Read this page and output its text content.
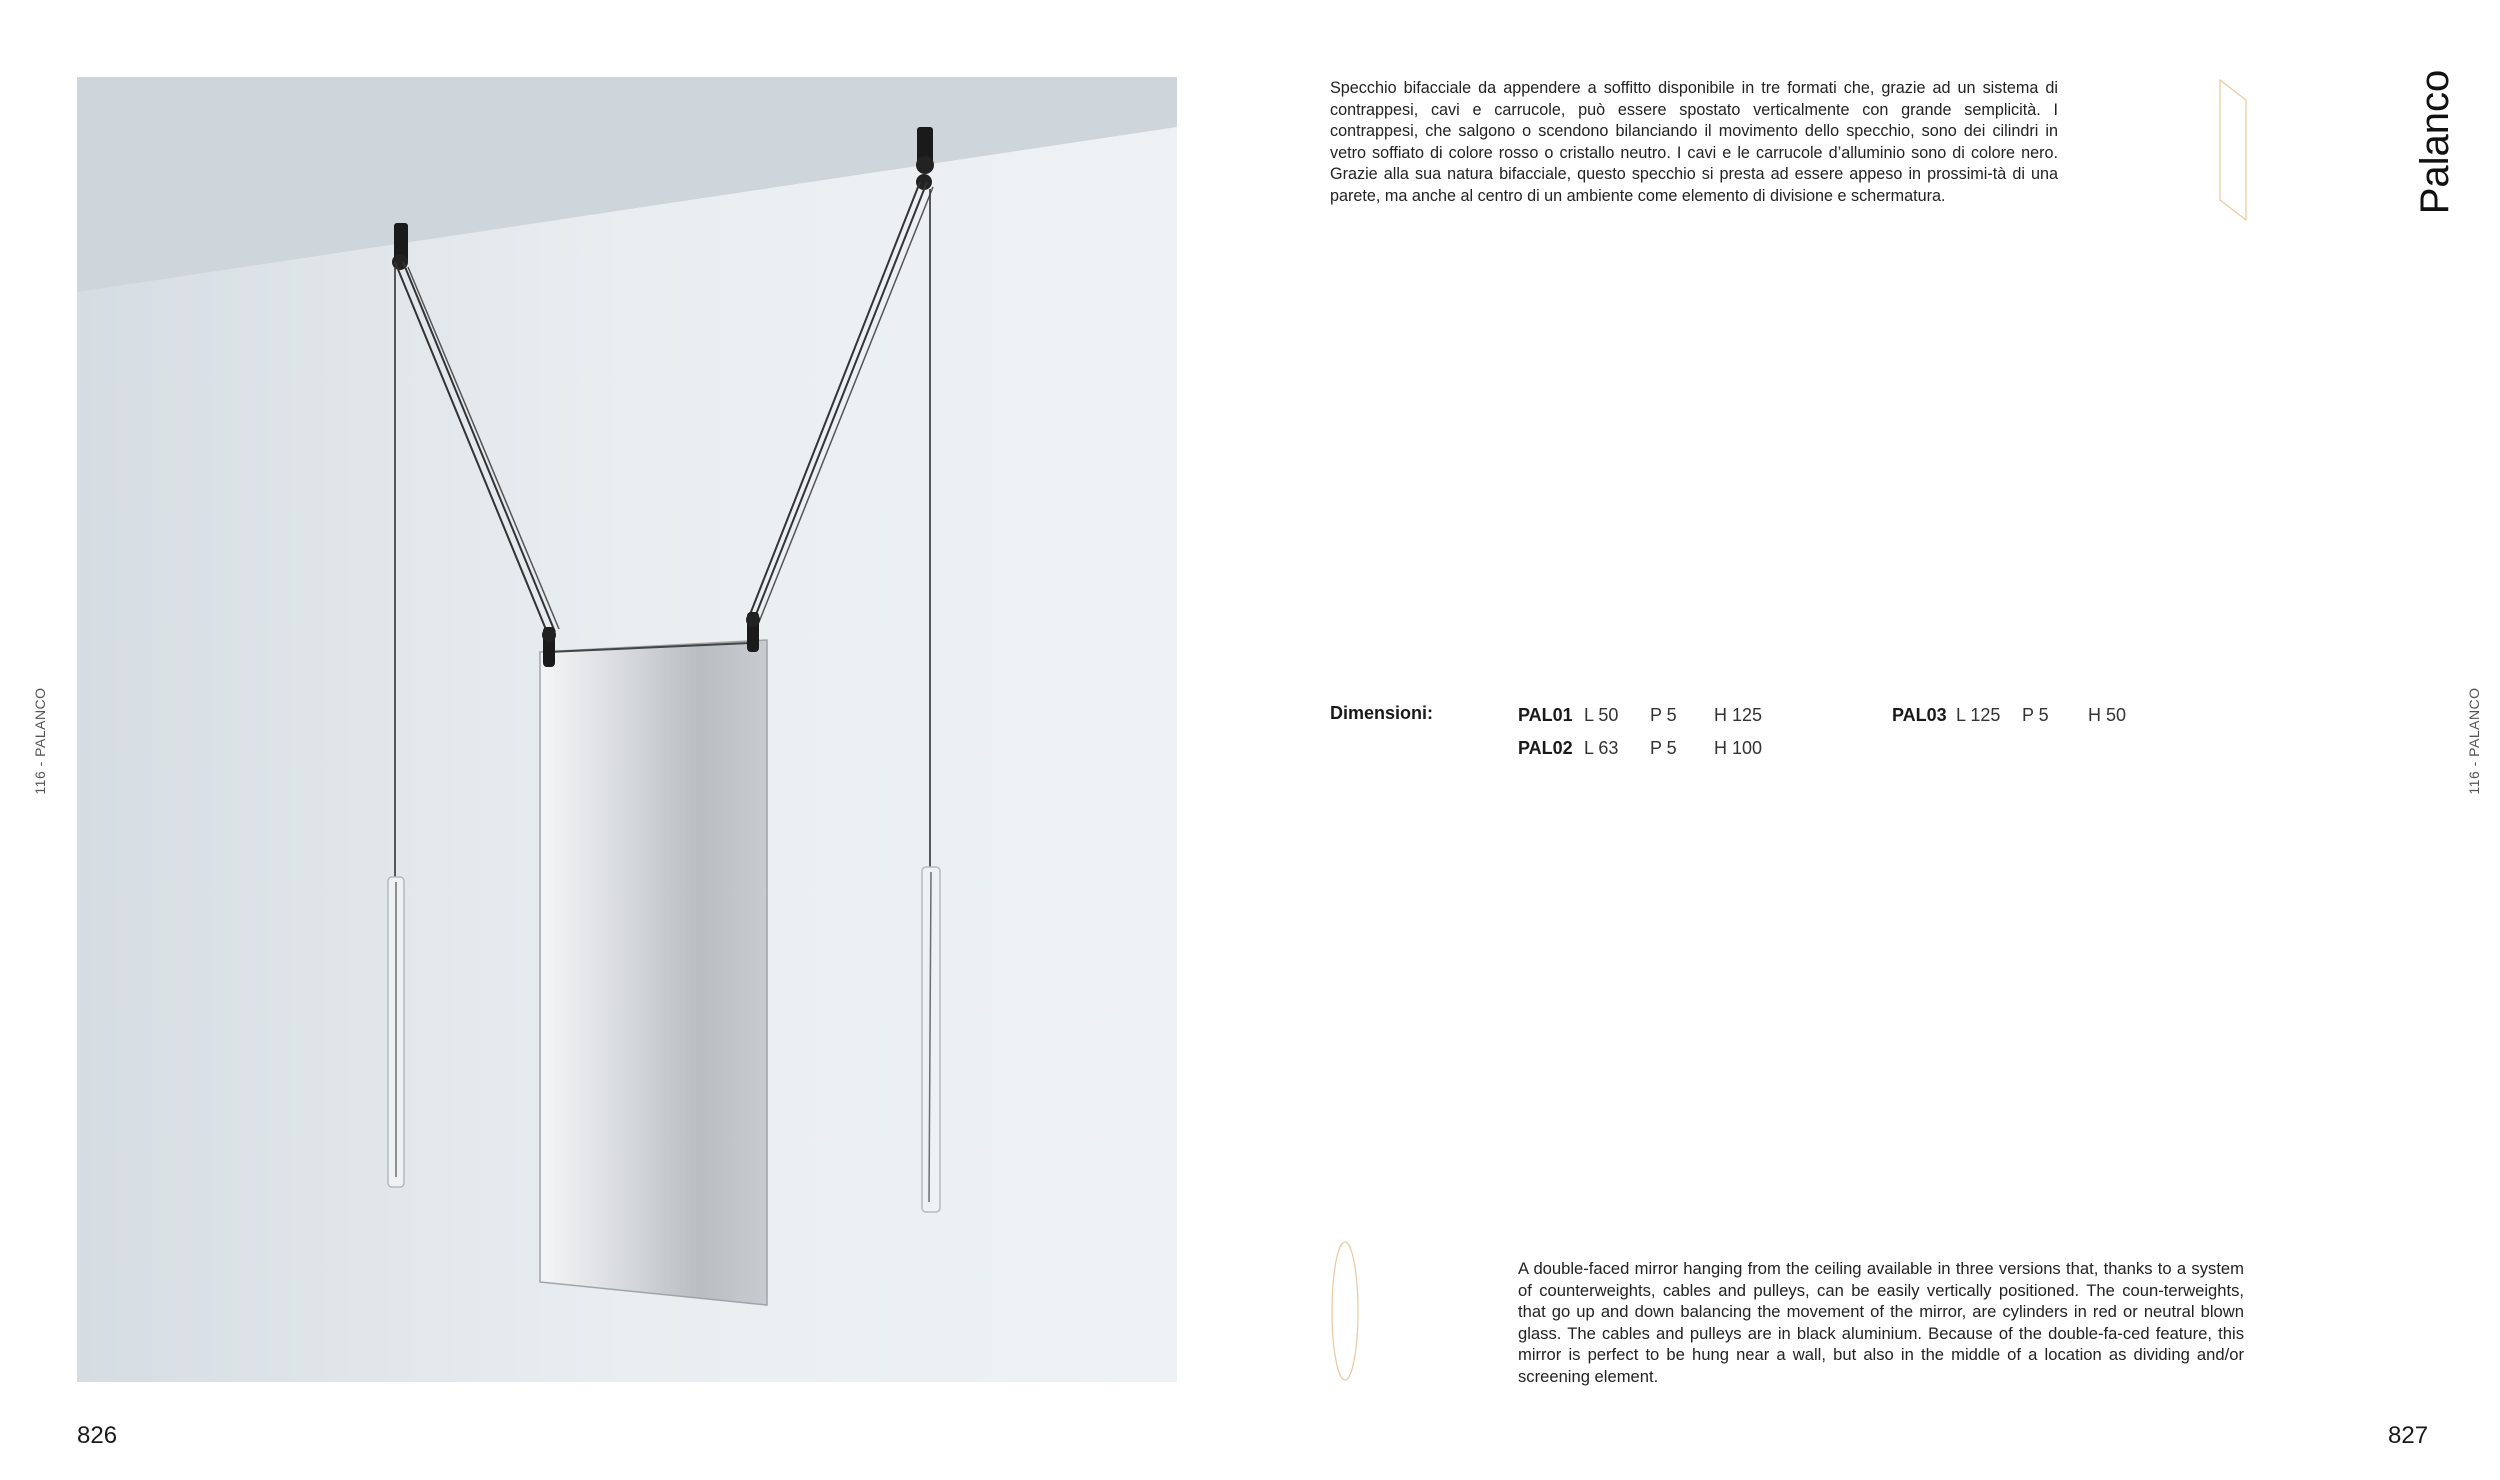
826
116 - PALANCO
Specchio bifacciale da appendere a soffitto disponibile in tre formati che, grazie ad un sistema di contrappesi, cavi e carrucole, può essere spostato verticalmente con grande semplicità. I contrappesi, che salgono o scendono bilanciando il movimento dello specchio, sono dei cilindri in vetro soffiato di colore rosso o cristallo neutro. I cavi e le carrucole d’alluminio sono di colore nero. Grazie alla sua natura bifacciale, questo specchio si presta ad essere appeso in prossimi-tà di una parete, ma anche al centro di un ambiente come elemento di divisione e schermatura.	Palanco
116 - PALANCO
Dimensioni:	PAL01 L 50 P 5 H 125
PAL02 L 63 P 5 H 100
PAL03 L 125 P 5 H 50
A double-faced mirror hanging from the ceiling available in three versions that, thanks to a system of counterweights, cables and pulleys, can be easily vertically positioned. The coun-terweights, that go up and down balancing the movement of the mirror, are cylinders in red or neutral blown glass. The cables and pulleys are in black aluminium. Because of the double-fa-ced feature, this mirror is perfect to be hung near a wall, but also in the middle of a location as dividing and/or screening element.
827
